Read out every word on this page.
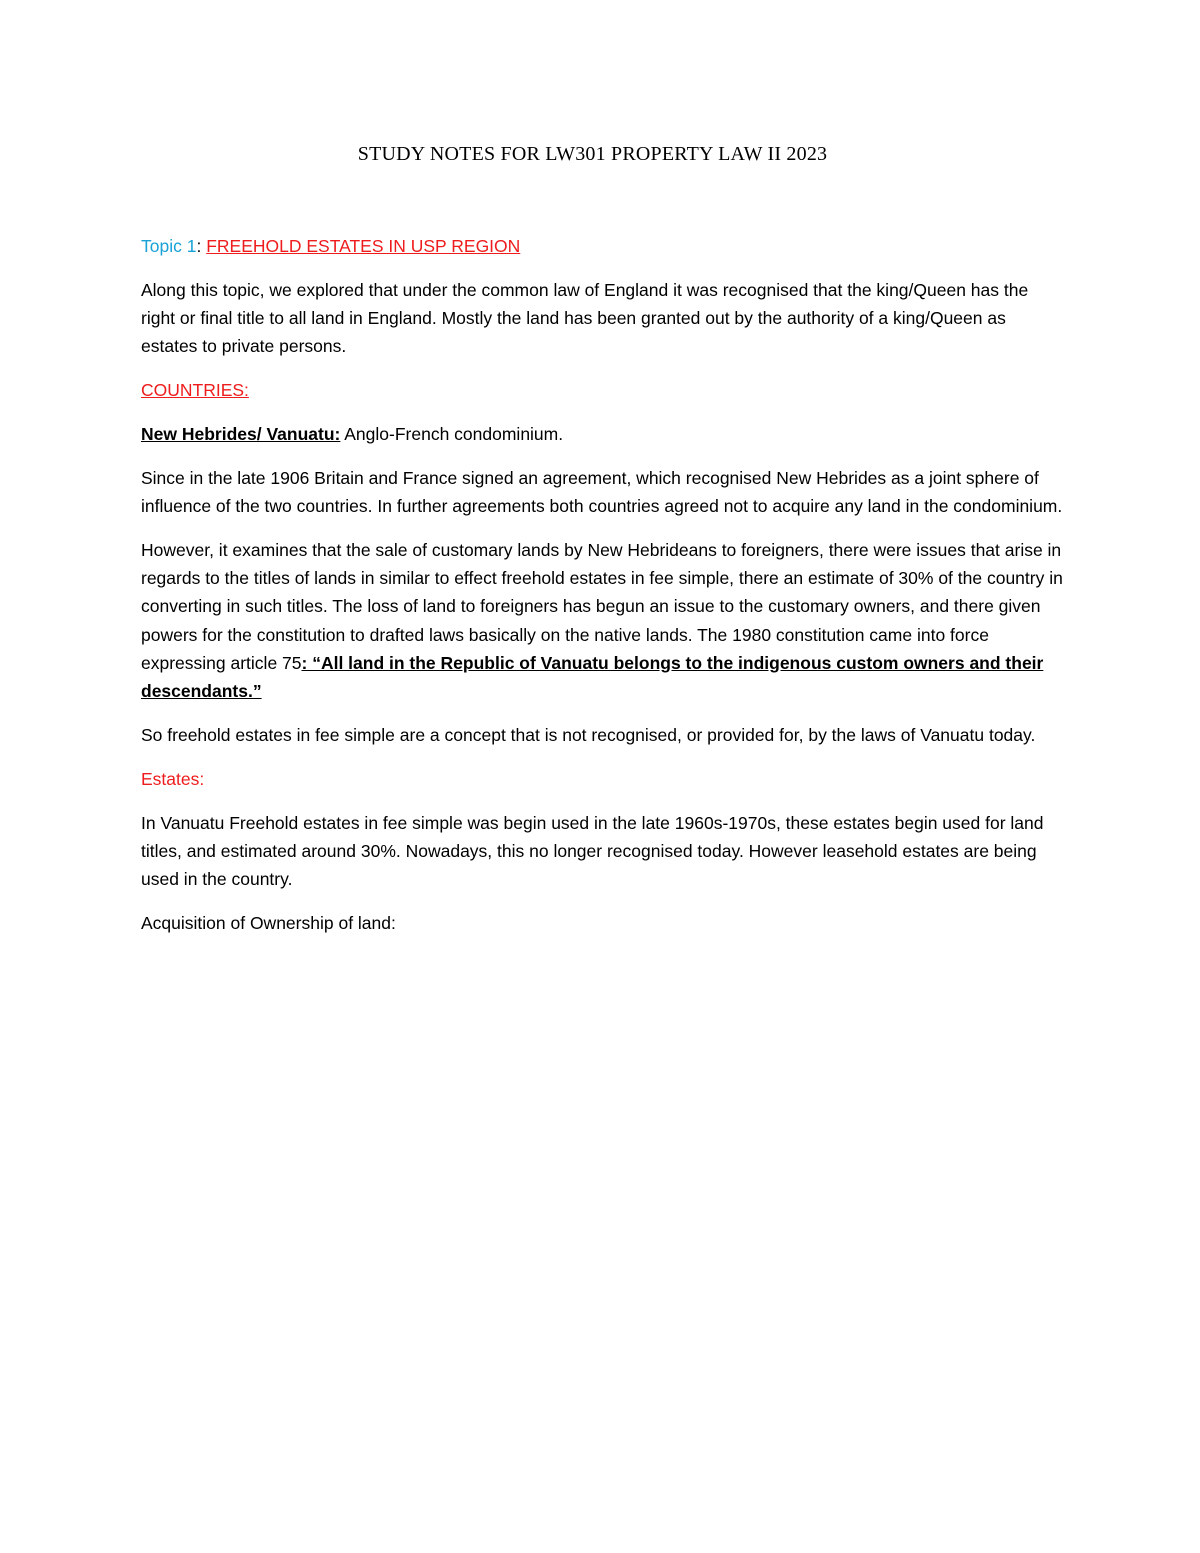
STUDY NOTES FOR LW301 PROPERTY LAW II 2023

Topic 1: FREEHOLD ESTATES IN USP REGION

Along this topic, we explored that under the common law of England it was recognised that the king/Queen has the right or final title to all land in England. Mostly the land has been granted out by the authority of a king/Queen as estates to private persons.

COUNTRIES:

New Hebrides/ Vanuatu: Anglo-French condominium.

Since in the late 1906 Britain and France signed an agreement, which recognised New Hebrides as a joint sphere of influence of the two countries. In further agreements both countries agreed not to acquire any land in the condominium.

However, it examines that the sale of customary lands by New Hebrideans to foreigners, there were issues that arise in regards to the titles of lands in similar to effect freehold estates in fee simple, there an estimate of 30% of the country in converting in such titles. The loss of land to foreigners has begun an issue to the customary owners, and there given powers for the constitution to drafted laws basically on the native lands. The 1980 constitution came into force expressing article 75: “All land in the Republic of Vanuatu belongs to the indigenous custom owners and their descendants.”

So freehold estates in fee simple are a concept that is not recognised, or provided for, by the laws of Vanuatu today.

Estates:

In Vanuatu Freehold estates in fee simple was begin used in the late 1960s-1970s, these estates begin used for land titles, and estimated around 30%. Nowadays, this no longer recognised today. However leasehold estates are being used in the country.

Acquisition of Ownership of land:
